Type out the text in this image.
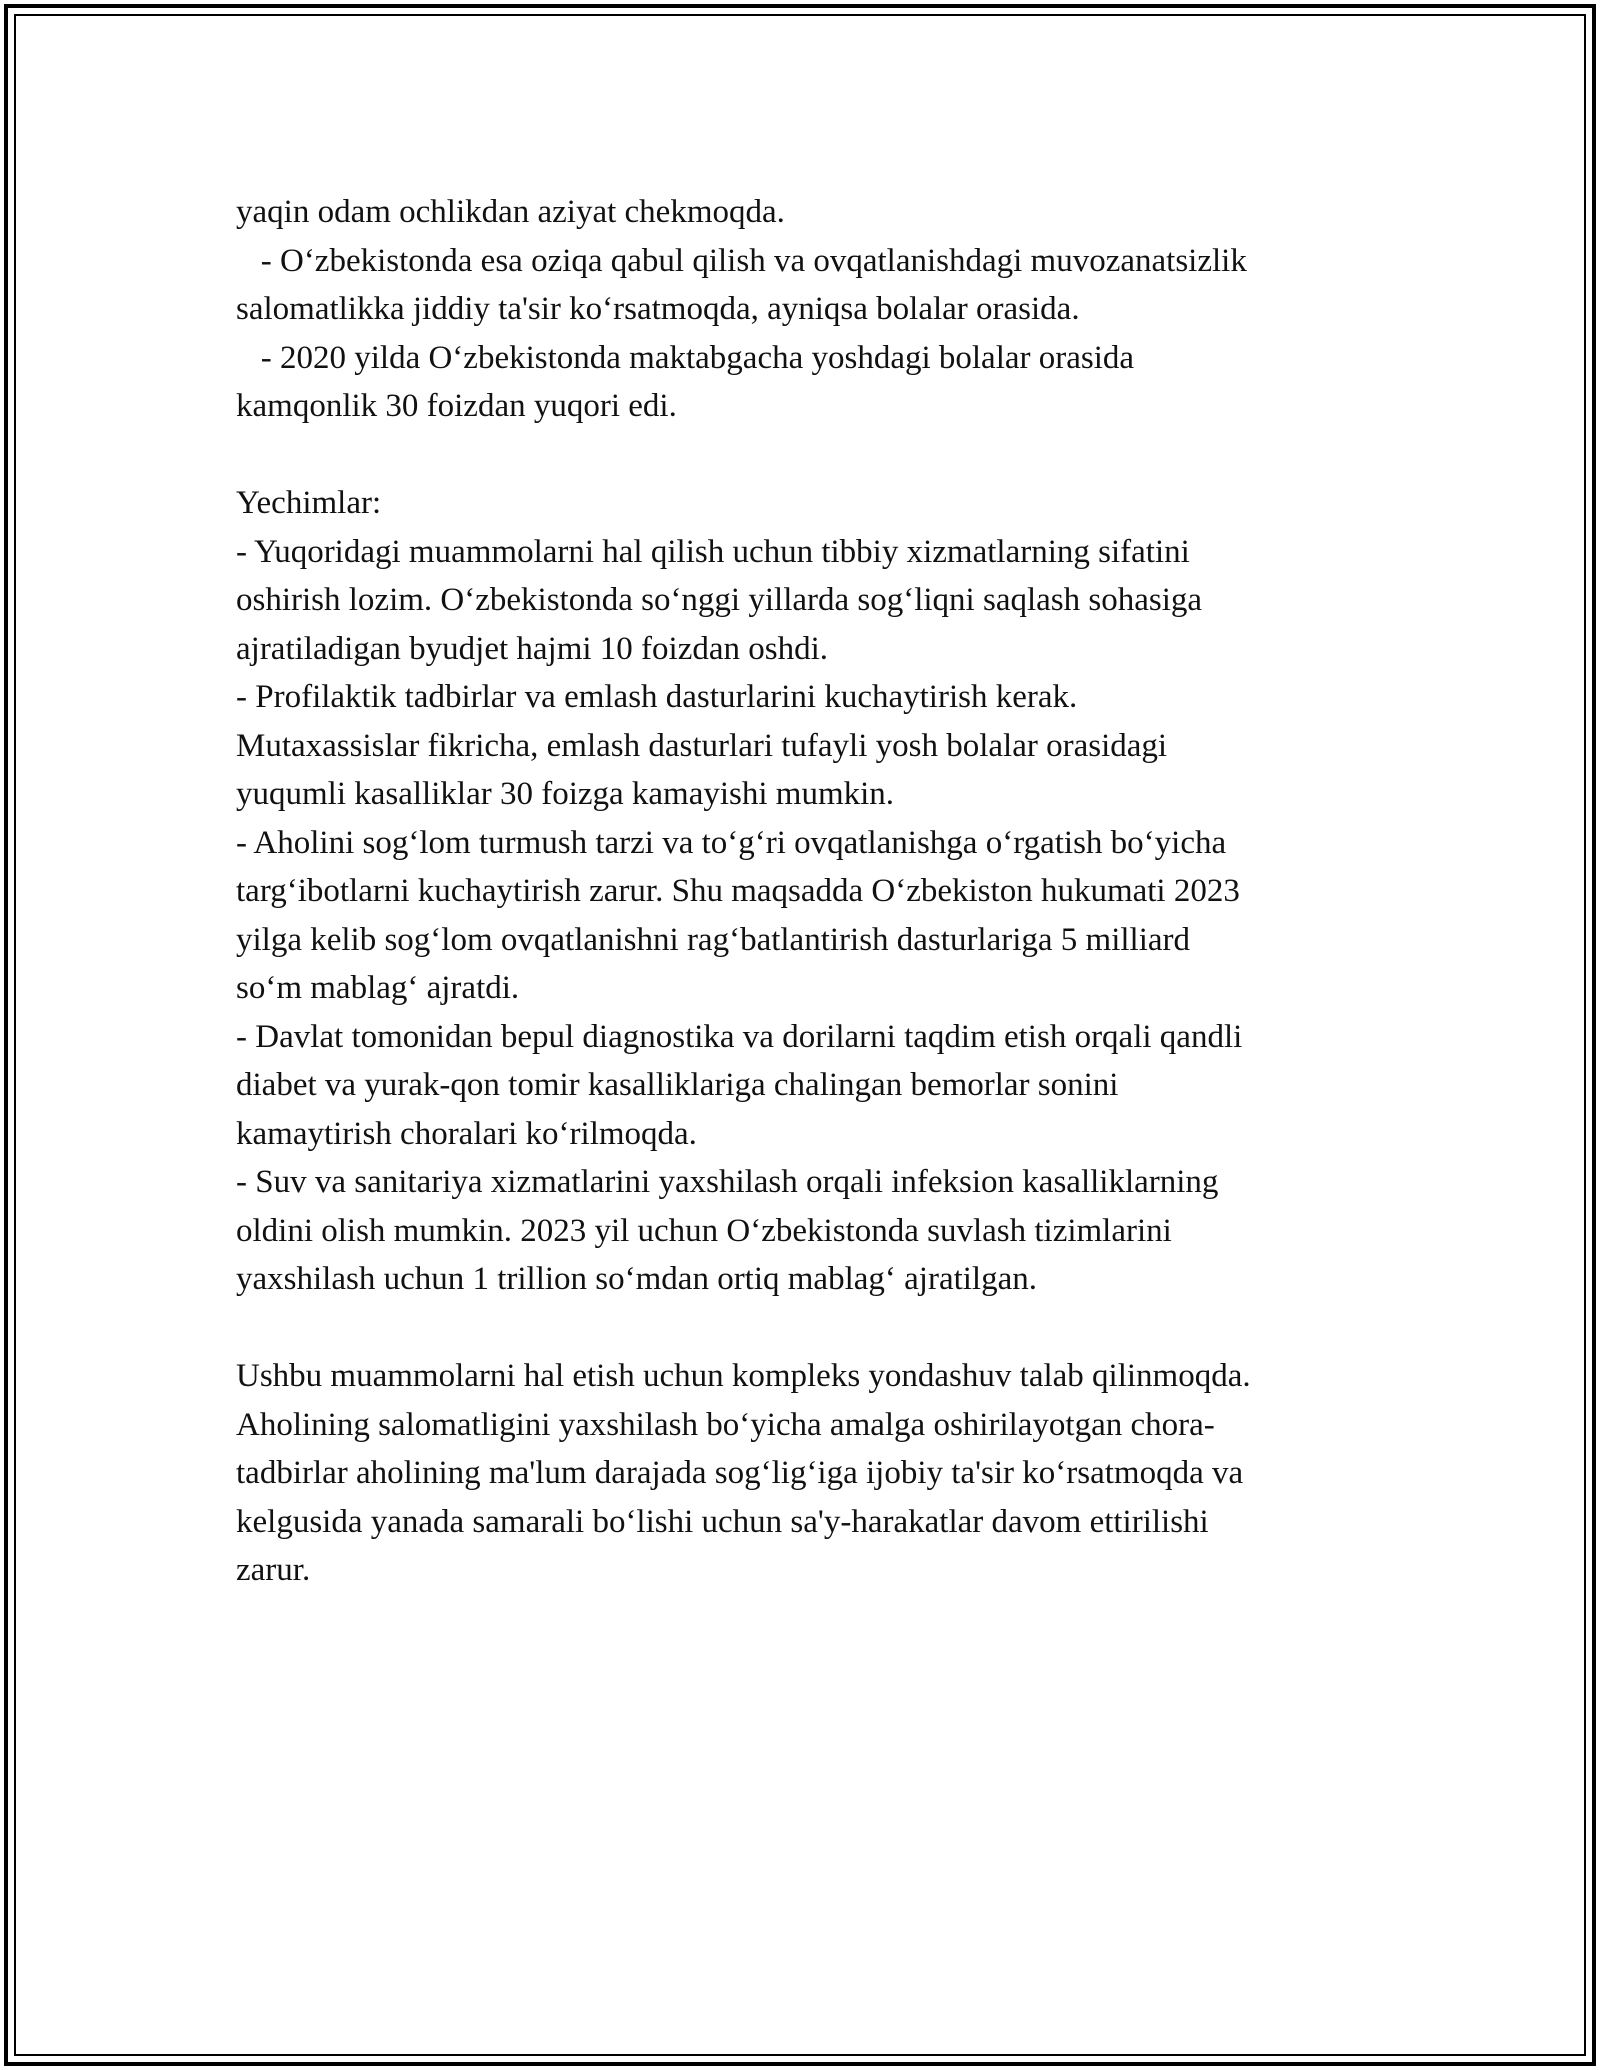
yaqin odam ochlikdan aziyat chekmoqda.
- O‘zbekistonda esa oziqa qabul qilish va ovqatlanishdagi muvozanatsizlik
salomatlikka jiddiy ta'sir ko‘rsatmoqda, ayniqsa bolalar orasida.
- 2020 yilda O‘zbekistonda maktabgacha yoshdagi bolalar orasida
kamqonlik 30 foizdan yuqori edi.
Yechimlar:
- Yuqoridagi muammolarni hal qilish uchun tibbiy xizmatlarning sifatini
oshirish lozim. O‘zbekistonda so‘nggi yillarda sog‘liqni saqlash sohasiga
ajratiladigan byudjet hajmi 10 foizdan oshdi.
- Profilaktik tadbirlar va emlash dasturlarini kuchaytirish kerak.
Mutaxassislar fikricha, emlash dasturlari tufayli yosh bolalar orasidagi
yuqumli kasalliklar 30 foizga kamayishi mumkin.
- Aholini sog‘lom turmush tarzi va to‘g‘ri ovqatlanishga o‘rgatish bo‘yicha
targ‘ibotlarni kuchaytirish zarur. Shu maqsadda O‘zbekiston hukumati 2023
yilga kelib sog‘lom ovqatlanishni rag‘batlantirish dasturlariga 5 milliard
so‘m mablag‘ ajratdi.
- Davlat tomonidan bepul diagnostika va dorilarni taqdim etish orqali qandli
diabet va yurak-qon tomir kasalliklariga chalingan bemorlar sonini
kamaytirish choralari ko‘rilmoqda.
- Suv va sanitariya xizmatlarini yaxshilash orqali infeksion kasalliklarning
oldini olish mumkin. 2023 yil uchun O‘zbekistonda suvlash tizimlarini
yaxshilash uchun 1 trillion so‘mdan ortiq mablag‘ ajratilgan.
Ushbu muammolarni hal etish uchun kompleks yondashuv talab qilinmoqda.
Aholining salomatligini yaxshilash bo‘yicha amalga oshirilayotgan chora-
tadbirlar aholining ma'lum darajada sog‘lig‘iga ijobiy ta'sir ko‘rsatmoqda va
kelgusida yanada samarali bo‘lishi uchun sa'y-harakatlar davom ettirilishi
zarur.
